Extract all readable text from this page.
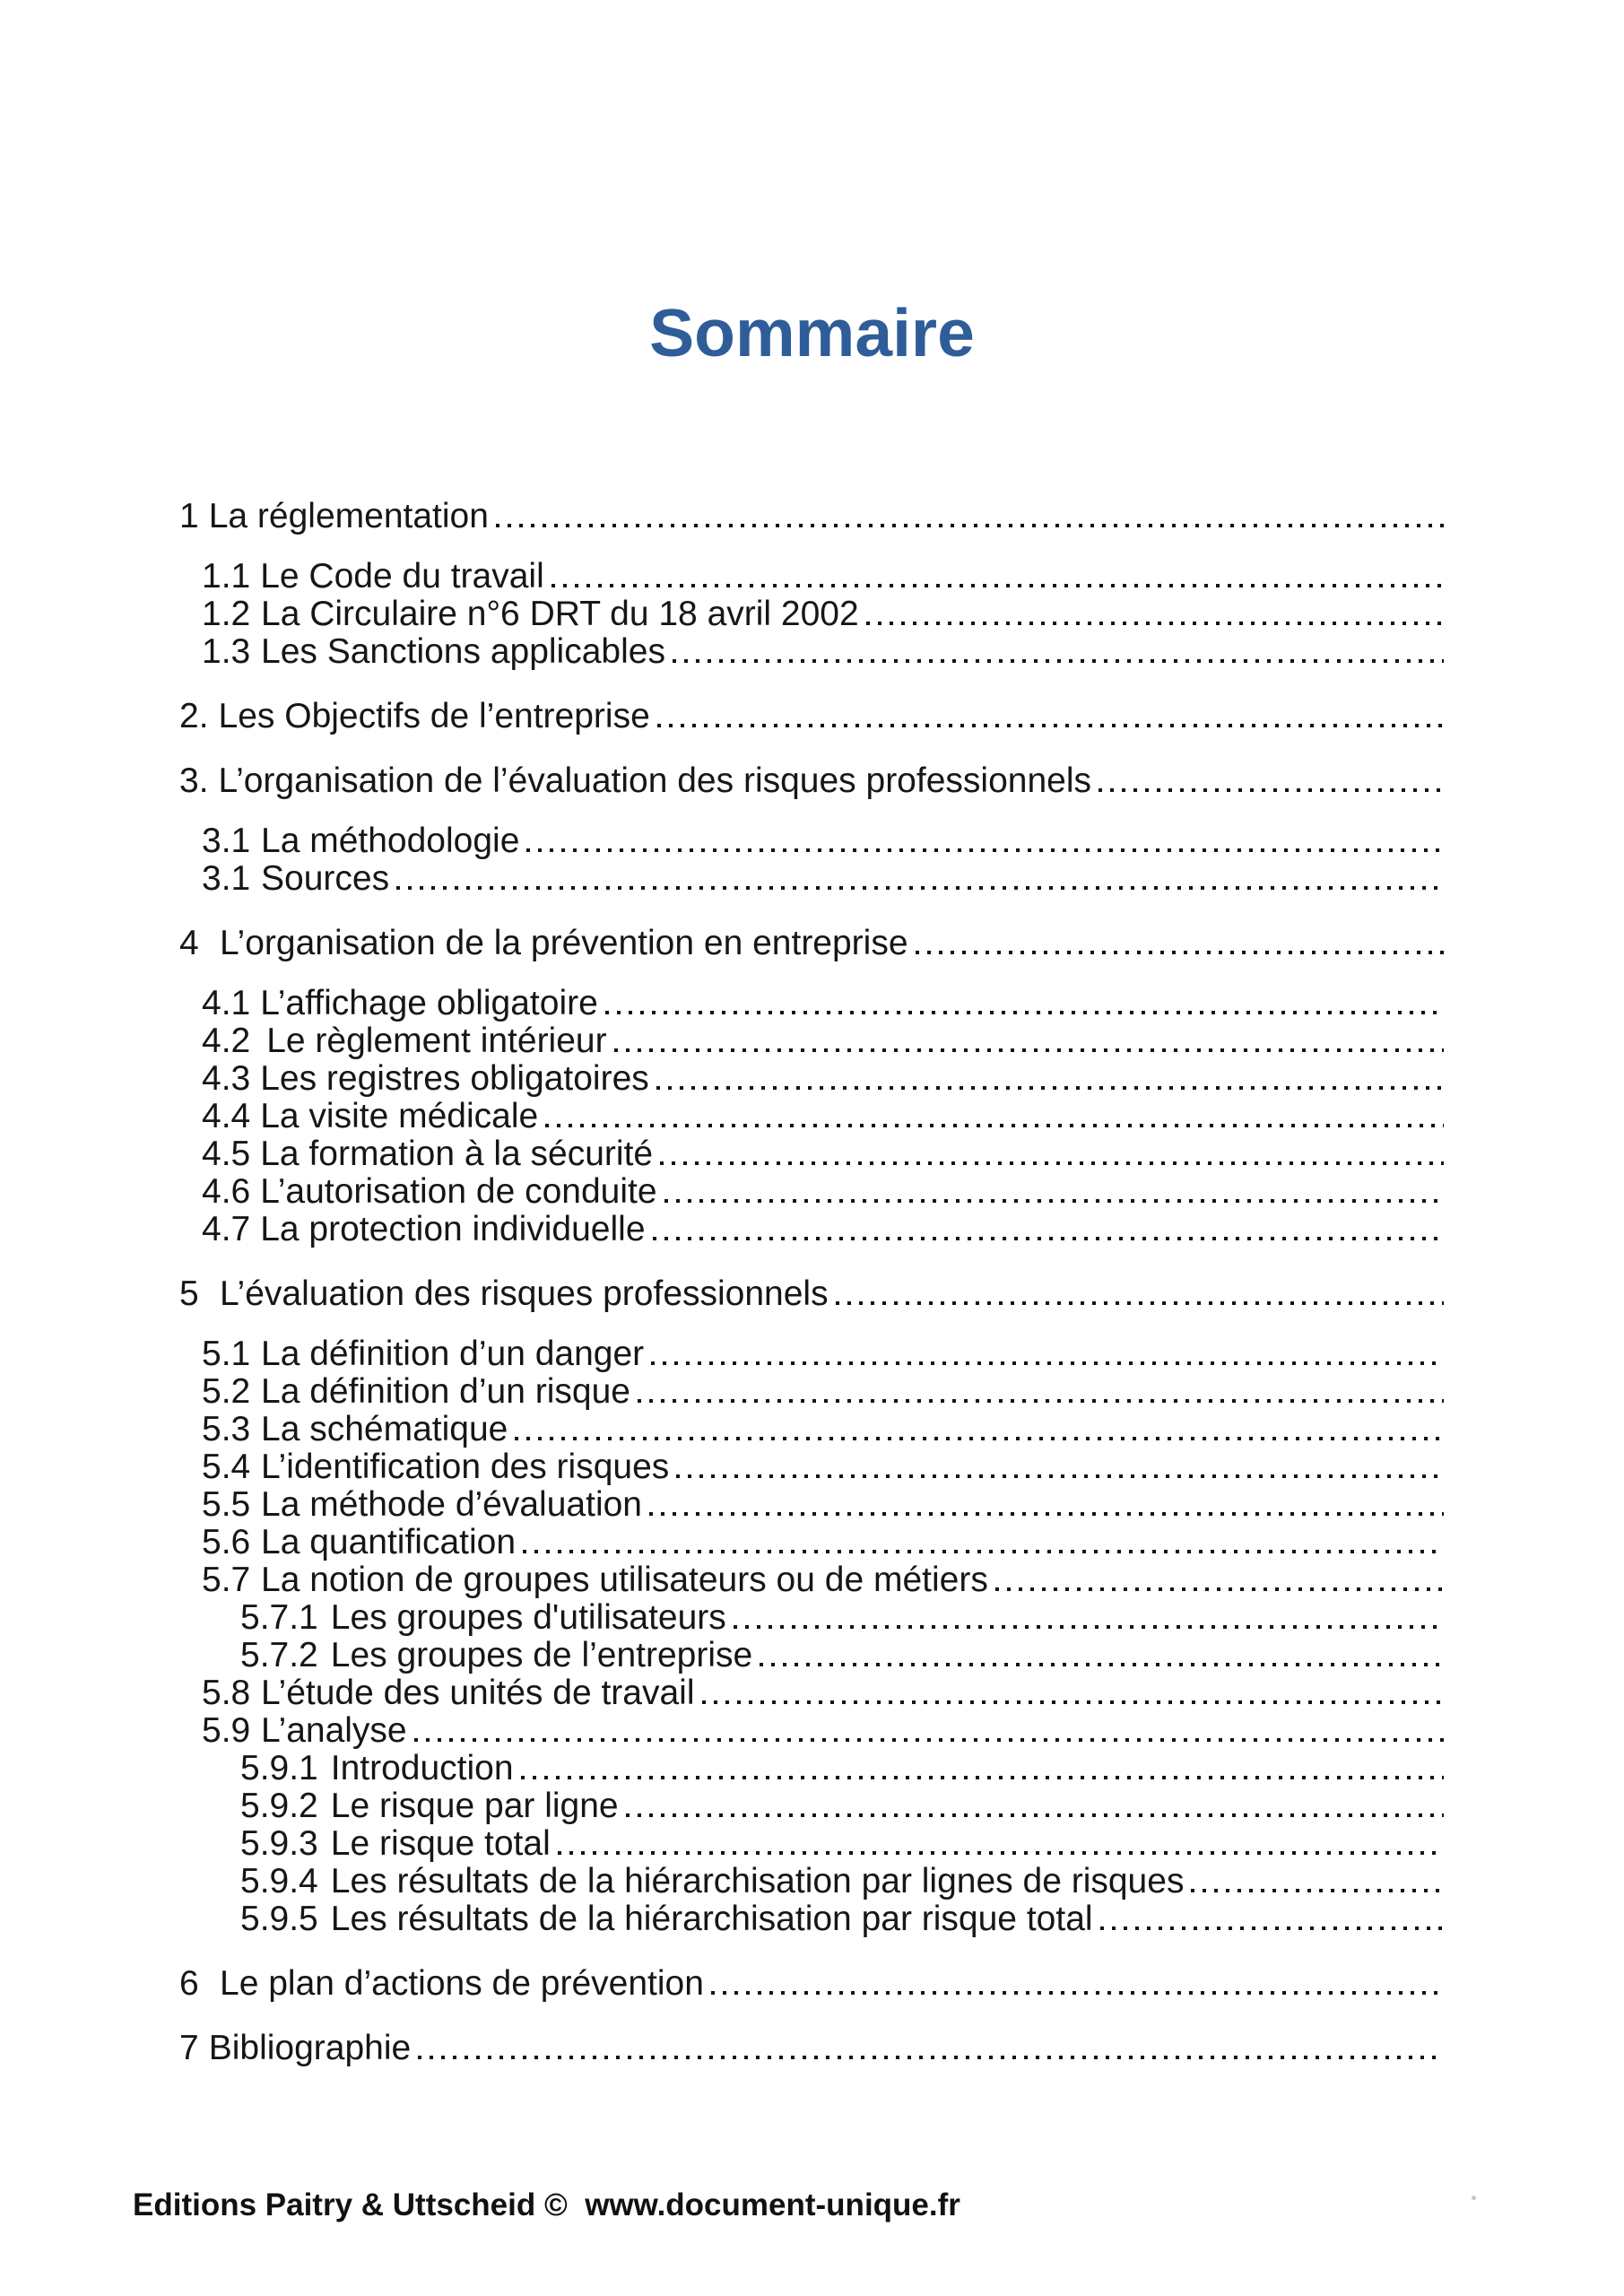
Sommaire
1 La réglementation
1.1 Le Code du travail
1.2 La Circulaire n°6 DRT du 18 avril 2002
1.3 Les Sanctions applicables
2. Les Objectifs de l’entreprise
3. L’organisation de l’évaluation des risques professionnels
3.1 La méthodologie
3.1 Sources
4 L’organisation de la prévention en entreprise
4.1 L’affichage obligatoire
4.2 Le règlement intérieur
4.3 Les registres obligatoires
4.4 La visite médicale
4.5 La formation à la sécurité
4.6 L’autorisation de conduite
4.7 La protection individuelle
5 L’évaluation des risques professionnels
5.1 La définition d’un danger
5.2 La définition d’un risque
5.3 La schématique
5.4 L’identification des risques
5.5 La méthode d’évaluation
5.6 La quantification
5.7 La notion de groupes utilisateurs ou de métiers
5.7.1 Les groupes d'utilisateurs
5.7.2 Les groupes de l’entreprise
5.8 L’étude des unités de travail
5.9 L’analyse
5.9.1 Introduction
5.9.2 Le risque par ligne
5.9.3 Le risque total
5.9.4 Les résultats de la hiérarchisation par lignes de risques
5.9.5 Les résultats de la hiérarchisation par risque total
6 Le plan d’actions de prévention
7 Bibliographie
Editions Paitry & Uttscheid ©  www.document-unique.fr
